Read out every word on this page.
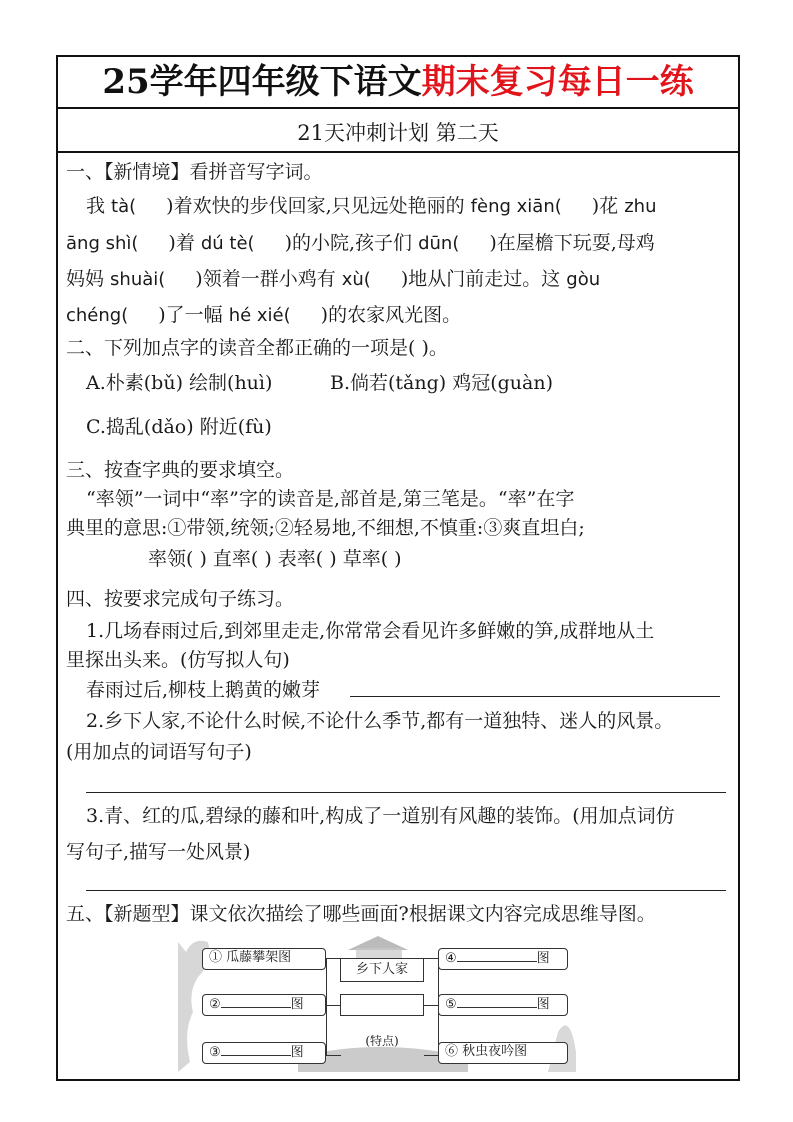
25学年四年级下语文期末复习每日一练
21天冲刺计划 第二天
一、【新情境】看拼音写字词。
我 tà( )着欢快的步伐回家,只见远处艳丽的 fèng xiān( )花 zhu
āng shì( )着 dú tè( )的小院,孩子们 dūn( )在屋檐下玩耍,母鸡
妈妈 shuài( )领着一群小鸡有 xù( )地从门前走过。这 gòu
chéng( )了一幅 hé xié( )的农家风光图。
二、下列加点字的读音全都正确的一项是( )。
A.朴素(bǔ) 绘制(huì)	B.倘若(tǎng) 鸡冠(guàn)
C.捣乱(dǎo) 附近(fù)
三、按查字典的要求填空。
“率领”一词中“率”字的读音是,部首是,第三笔是。“率”在字
典里的意思:①带领,统领;②轻易地,不细想,不慎重:③爽直坦白;
率领( ) 直率( ) 表率( ) 草率( )
四、按要求完成句子练习。
1.几场春雨过后,到郊里走走,你常常会看见许多鲜嫩的笋,成群地从土
里探出头来。(仿写拟人句)
春雨过后,柳枝上鹅黄的嫩芽
2.乡下人家,不论什么时候,不论什么季节,都有一道独特、迷人的风景。
(用加点的词语写句子)
3.青、红的瓜,碧绿的藤和叶,构成了一道别有风趣的装饰。(用加点词仿
写句子,描写一处风景)
五、【新题型】课文依次描绘了哪些画面?根据课文内容完成思维导图。
① 瓜藤攀架图
②	图
③	图
乡下人家
(特点)
④	图
⑤	图
⑥ 秋虫夜吟图
